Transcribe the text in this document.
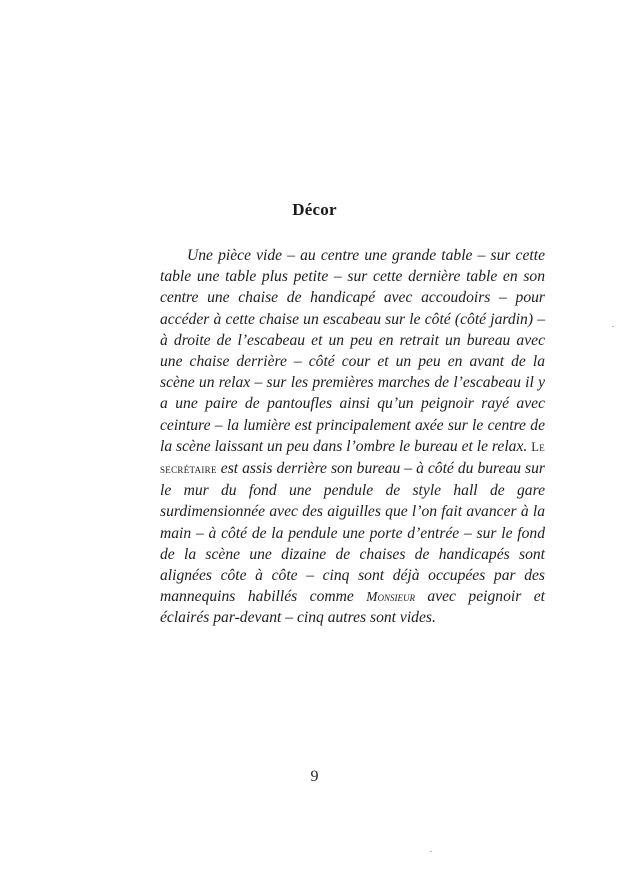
Décor

Une pièce vide – au centre une grande table – sur cette table une table plus petite – sur cette dernière table en son centre une chaise de handicapé avec accoudoirs – pour accéder à cette chaise un escabeau sur le côté (côté jardin) – à droite de l’escabeau et un peu en retrait un bureau avec une chaise derrière – côté cour et un peu en avant de la scène un relax – sur les premières marches de l’escabeau il y a une paire de pantoufles ainsi qu’un peignoir rayé avec ceinture – la lumière est principalement axée sur le centre de la scène laissant un peu dans l’ombre le bureau et le relax. Le secrétaire est assis derrière son bureau – à côté du bureau sur le mur du fond une pendule de style hall de gare surdimensionnée avec des aiguilles que l’on fait avancer à la main – à côté de la pendule une porte d’entrée – sur le fond de la scène une dizaine de chaises de handicapés sont alignées côte à côte – cinq sont déjà occupées par des mannequins habillés comme Monsieur avec peignoir et éclairés par-devant – cinq autres sont vides.

9
